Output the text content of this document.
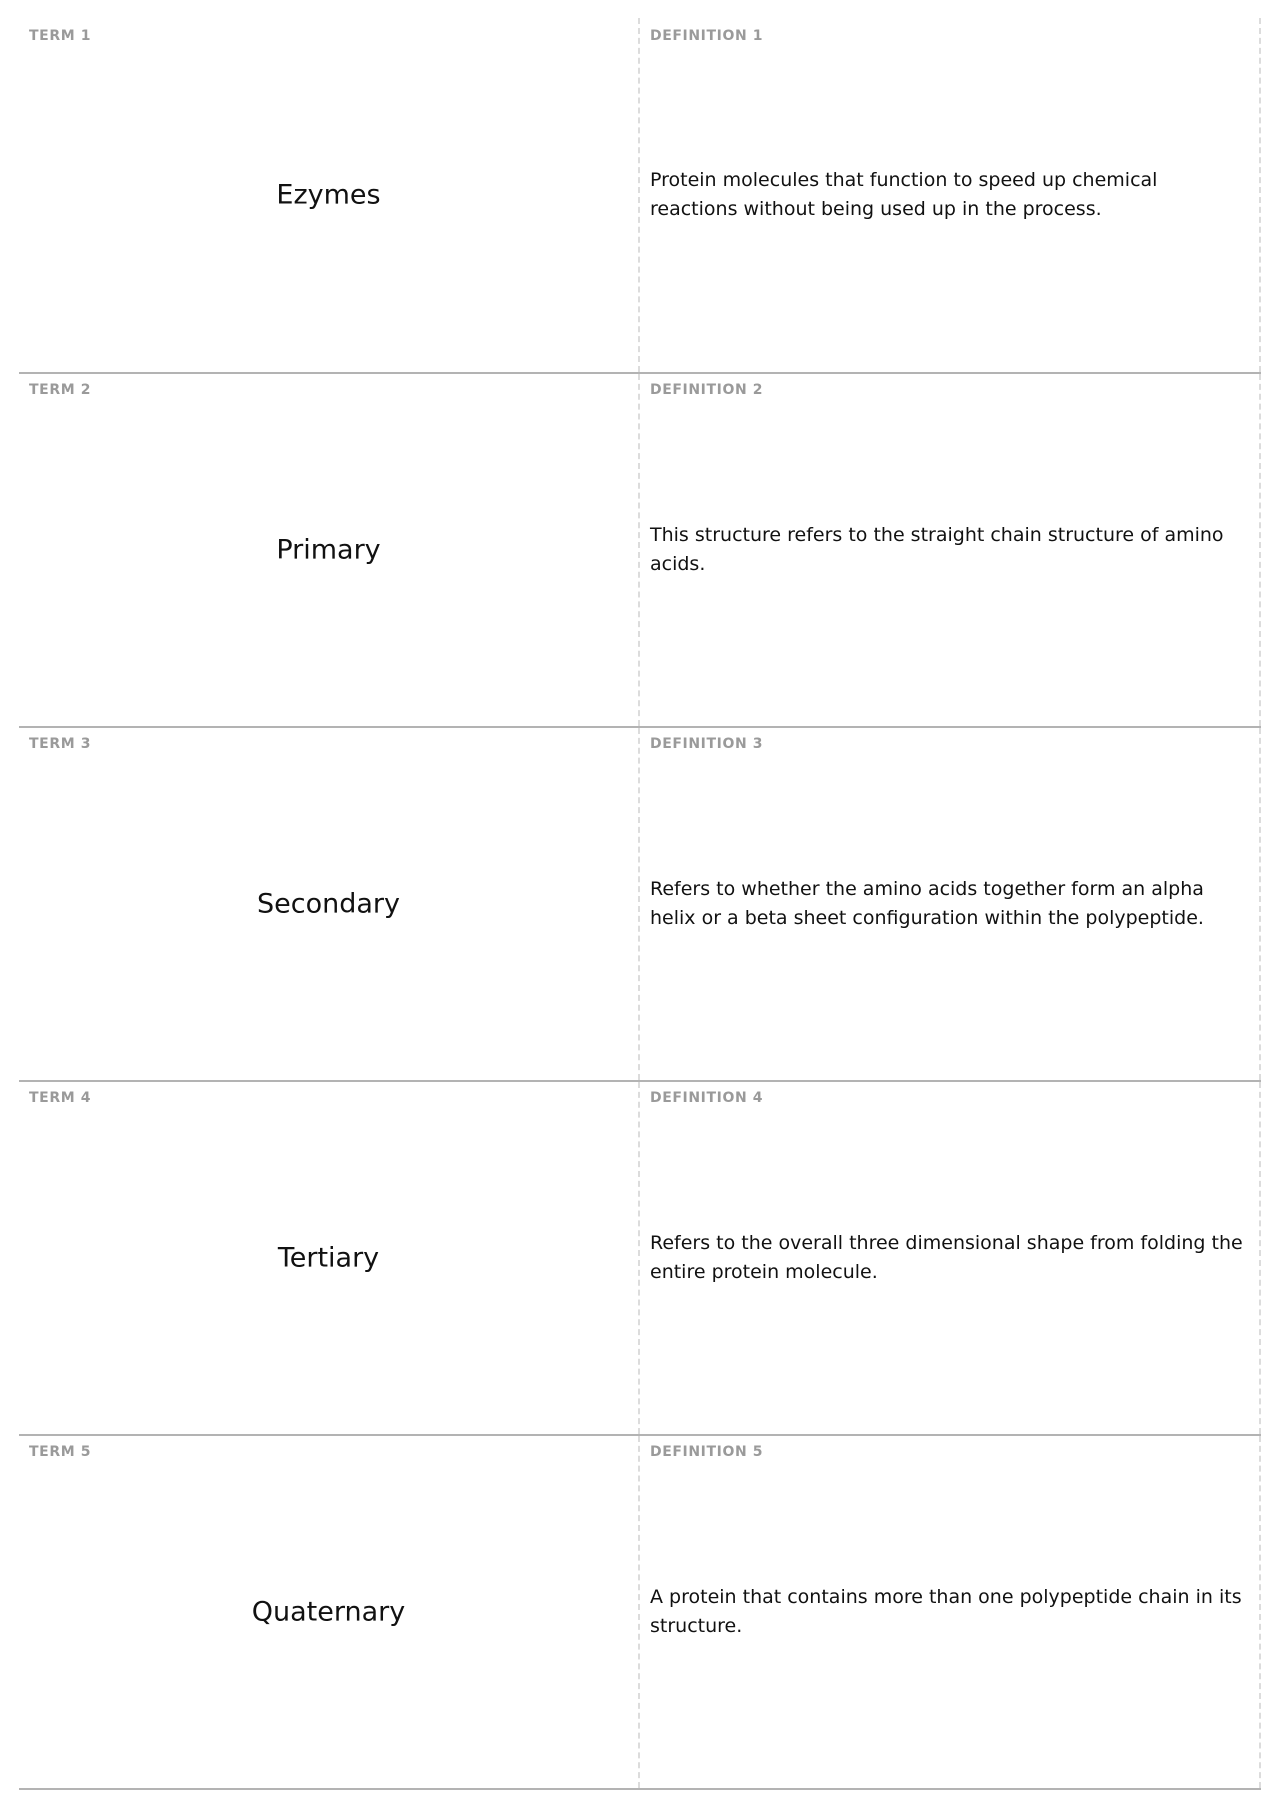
TERM 1
Ezymes
DEFINITION 1
Protein molecules that function to speed up chemical reactions without being used up in the process.
TERM 2
Primary
DEFINITION 2
This structure refers to the straight chain structure of amino acids.
TERM 3
Secondary
DEFINITION 3
Refers to whether the amino acids together form an alpha helix or a beta sheet configuration within the polypeptide.
TERM 4
Tertiary
DEFINITION 4
Refers to the overall three dimensional shape from folding the entire protein molecule.
TERM 5
Quaternary
DEFINITION 5
A protein that contains more than one polypeptide chain in its structure.
